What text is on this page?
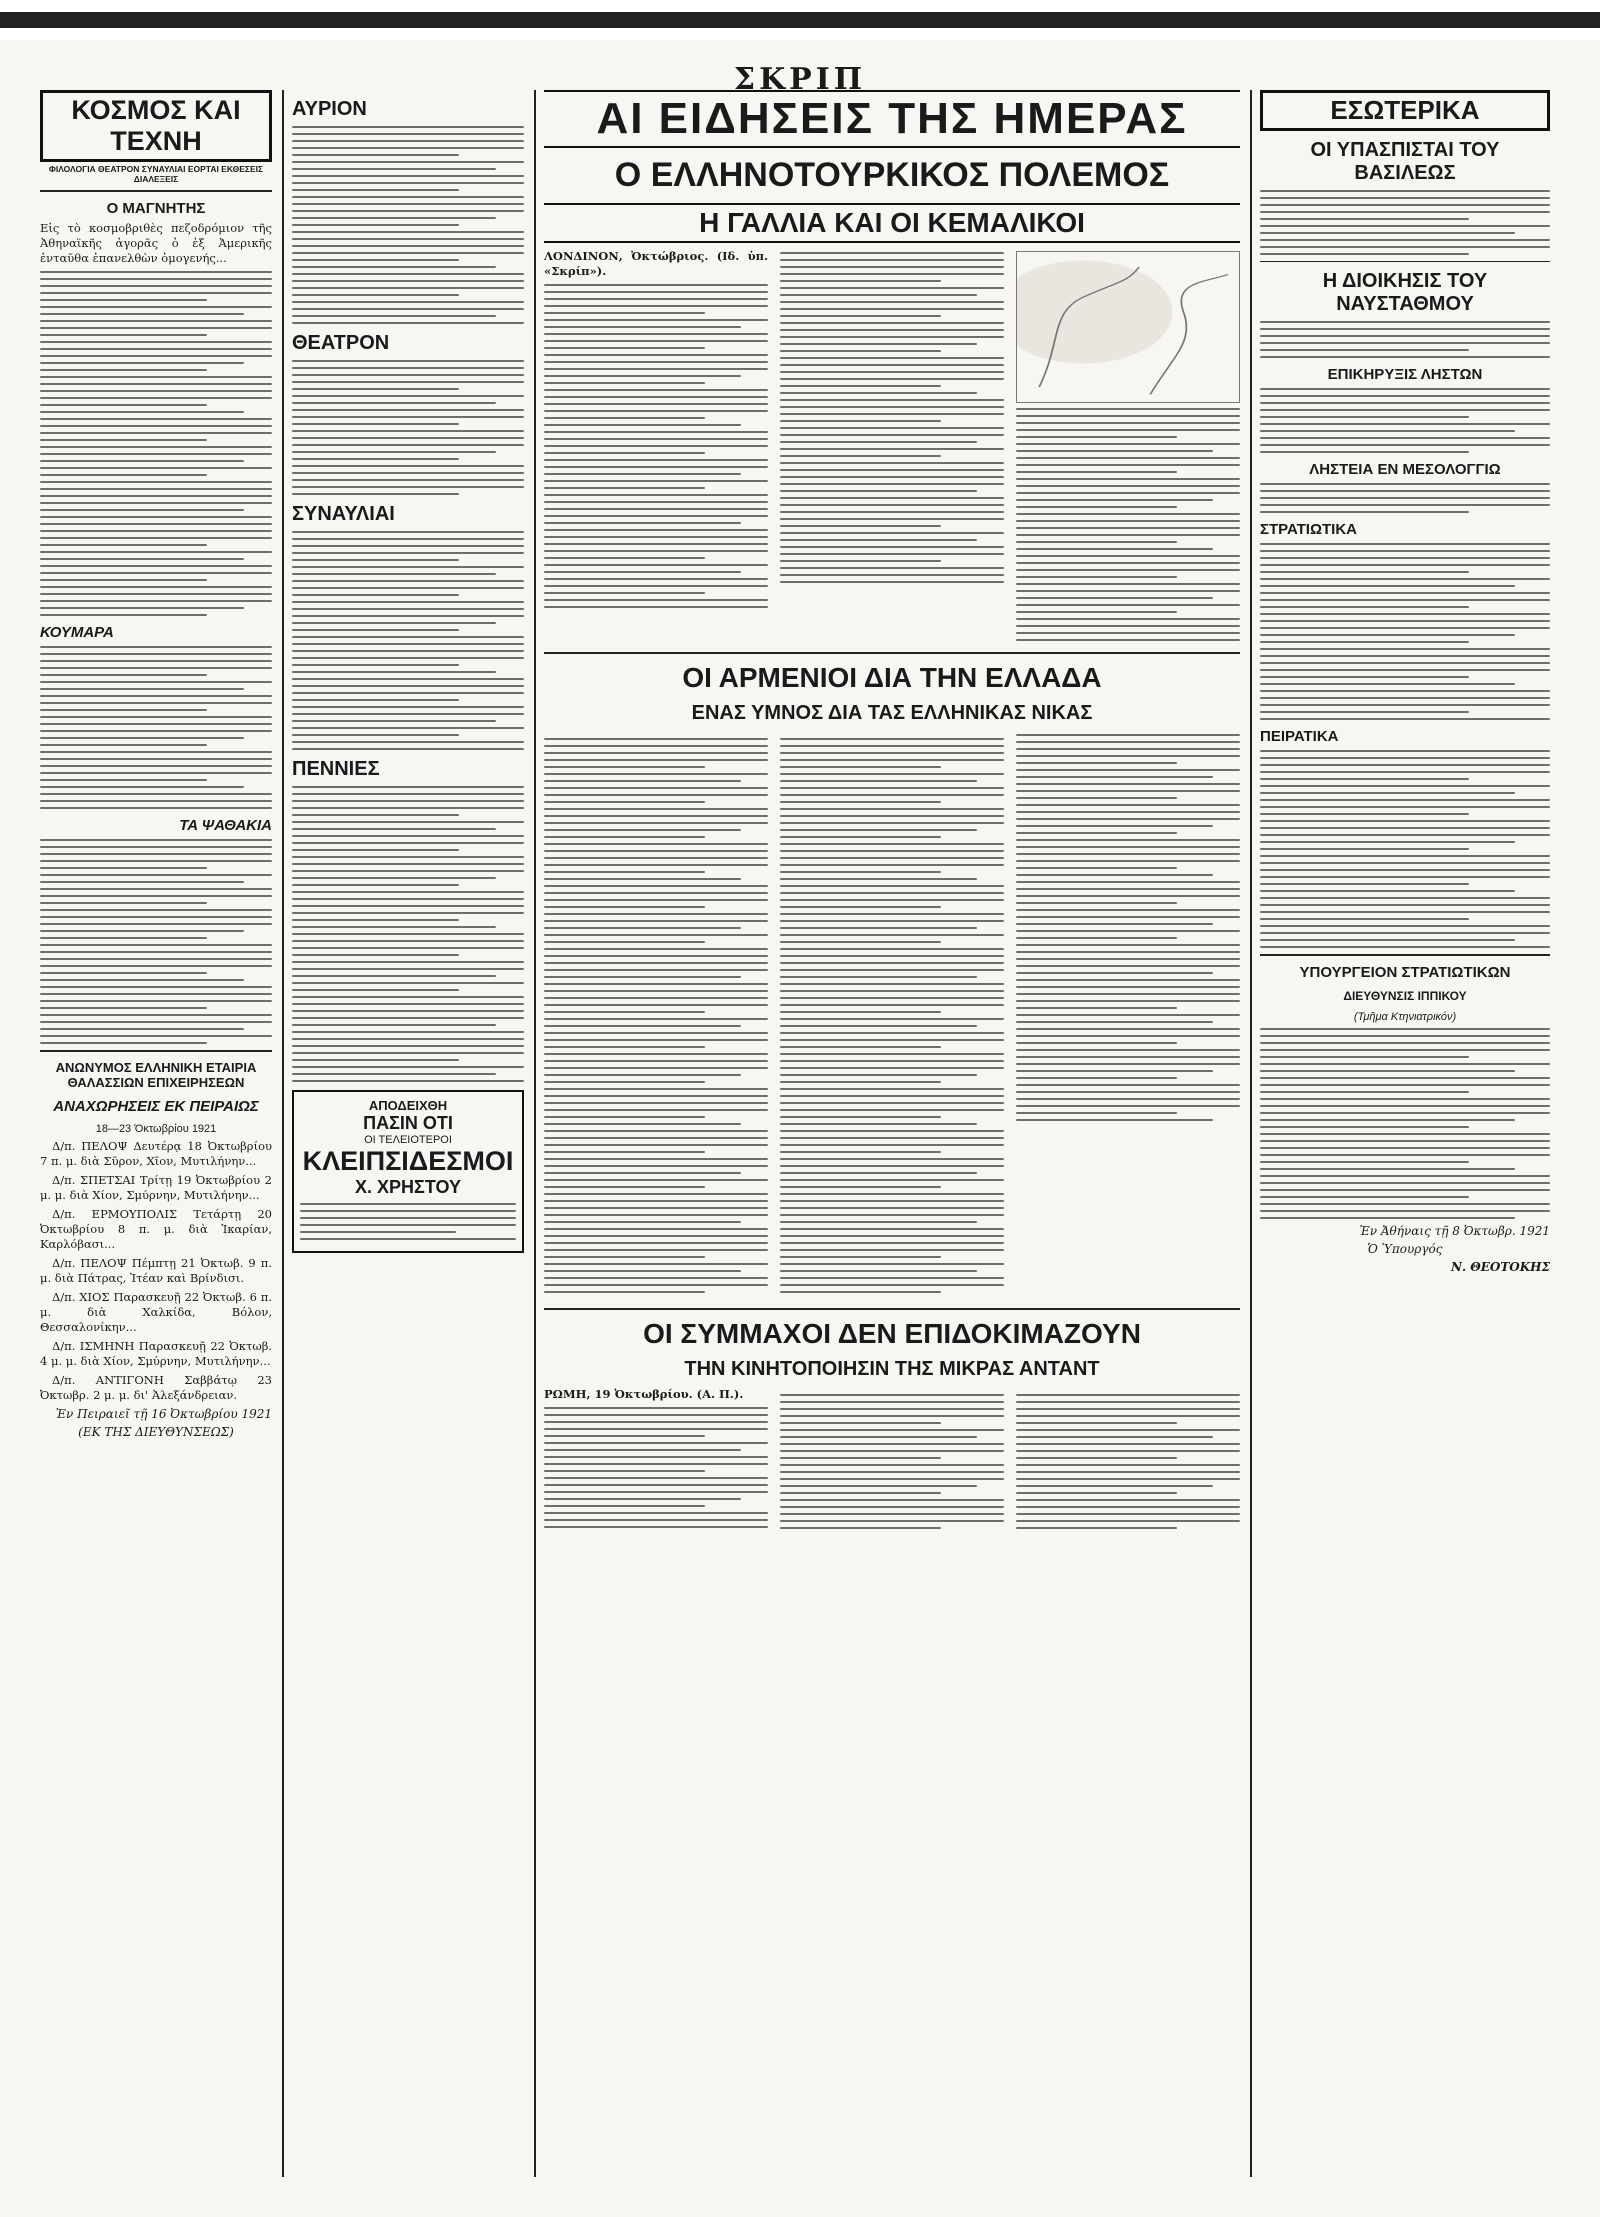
ΣΚΡΙΠ
ΚΟΣΜΟΣ ΚΑΙ ΤΕΧΝΗ
ΦΙΛΟΛΟΓΙΑ ΘΕΑΤΡΟΝ ΣΥΝΑΥΛΙΑΙ ΕΟΡΤΑΙ ΕΚΘΕΣΕΙΣ ΔΙΑΛΕΞΕΙΣ
Ο ΜΑΓΝΗΤΗΣ
Εἰς τὸ κοσμοβριθὲς πεζοδρόμιον τῆς Ἀθηναϊκῆς ἀγορᾶς ὁ ἐξ Ἀμερικῆς ἐνταῦθα ἐπανελθὼν ὁμογενής...
ΚΟΥΜΑΡΑ
ΤΑ ΨΑΘΑΚΙΑ
ΑΝΩΝΥΜΟΣ ΕΛΛΗΝΙΚΗ ΕΤΑΙΡΙΑ ΘΑΛΑΣΣΙΩΝ ΕΠΙΧΕΙΡΗΣΕΩΝ
ΑΝΑΧΩΡΗΣΕΙΣ ΕΚ ΠΕΙΡΑΙΩΣ
18—23 Ὀκτωβρίου 1921

Δ/π. ΠΕΛΟΨ Δευτέρᾳ 18 Ὀκτωβρίου 7 π. μ. διὰ Σῦρον, Χῖον, Μυτιλήνην...

Δ/π. ΣΠΕΤΣΑΙ Τρίτῃ 19 Ὀκτωβρίου 2 μ. μ. διὰ Χίον, Σμύρνην, Μυτιλήνην...

Δ/π. ΕΡΜΟΥΠΟΛΙΣ Τετάρτῃ 20 Ὀκτωβρίου 8 π. μ. διὰ Ἰκαρίαν, Καρλόβασι...

Δ/π. ΠΕΛΟΨ Πέμπτῃ 21 Ὀκτωβ. 9 π. μ. διὰ Πάτρας, Ἰτέαν καὶ Βρίνδισι.

Δ/π. ΧΙΟΣ Παρασκευῇ 22 Ὀκτωβ. 6 π. μ. διὰ Χαλκίδα, Βόλον, Θεσσαλονίκην...

Δ/π. ΙΣΜΗΝΗ Παρασκευῇ 22 Ὀκτωβ. 4 μ. μ. διὰ Χίον, Σμύρνην, Μυτιλήνην...

Δ/π. ΑΝΤΙΓΟΝΗ Σαββάτῳ 23 Ὀκτωβρ. 2 μ. μ. δι' Ἀλεξάνδρειαν.

Ἐν Πειραιεῖ τῇ 16 Ὀκτωβρίου 1921
(ΕΚ ΤΗΣ ΔΙΕΥΘΥΝΣΕΩΣ)
ΑΥΡΙΟΝ
ΘΕΑΤΡΟΝ
ΣΥΝΑΥΛΙΑΙ
ΠΕΝΝΙΕΣ
ΑΠΟΔΕΙΧΘΗ
ΠΑΣΙΝ ΟΤΙ
ΟΙ ΤΕΛΕΙΟΤΕΡΟΙ
ΚΛΕΙΠΣΙΔΕΣΜΟΙ
Χ. ΧΡΗΣΤΟΥ
ΑΙ ΕΙΔΗΣΕΙΣ ΤΗΣ ΗΜΕΡΑΣ
Ο ΕΛΛΗΝΟΤΟΥΡΚΙΚΟΣ ΠΟΛΕΜΟΣ
Η ΓΑΛΛΙΑ ΚΑΙ ΟΙ ΚΕΜΑΛΙΚΟΙ
ΛΟΝΔΙΝΟΝ, Ὀκτώβριος. (Ιδ. ὑπ. «Σκρίπ»).
ΟΙ ΑΡΜΕΝΙΟΙ ΔΙΑ ΤΗΝ ΕΛΛΑΔΑ
ΕΝΑΣ ΥΜΝΟΣ ΔΙΑ ΤΑΣ ΕΛΛΗΝΙΚΑΣ ΝΙΚΑΣ
ΟΙ ΣΥΜΜΑΧΟΙ ΔΕΝ ΕΠΙΔΟΚΙΜΑΖΟΥΝ
ΤΗΝ ΚΙΝΗΤΟΠΟΙΗΣΙΝ ΤΗΣ ΜΙΚΡΑΣ ΑΝΤΑΝΤ
ΡΩΜΗ, 19 Ὀκτωβρίου. (Α. Π.).
ΕΣΩΤΕΡΙΚΑ
ΟΙ ΥΠΑΣΠΙΣΤΑΙ ΤΟΥ ΒΑΣΙΛΕΩΣ
Η ΔΙΟΙΚΗΣΙΣ ΤΟΥ ΝΑΥΣΤΑΘΜΟΥ
ΕΠΙΚΗΡΥΞΙΣ ΛΗΣΤΩΝ
ΛΗΣΤΕΙΑ ΕΝ ΜΕΣΟΛΟΓΓΙΩ
ΣΤΡΑΤΙΩΤΙΚΑ
ΠΕΙΡΑΤΙΚΑ
ΥΠΟΥΡΓΕΙΟΝ ΣΤΡΑΤΙΩΤΙΚΩΝ
ΔΙΕΥΘΥΝΣΙΣ ΙΠΠΙΚΟΥ
(Τμῆμα Κτηνιατρικόν)
Ἐν Ἀθήναις τῇ 8 Ὀκτωβρ. 1921
Ὁ Ὑπουργός
Ν. ΘΕΟΤΟΚΗΣ
